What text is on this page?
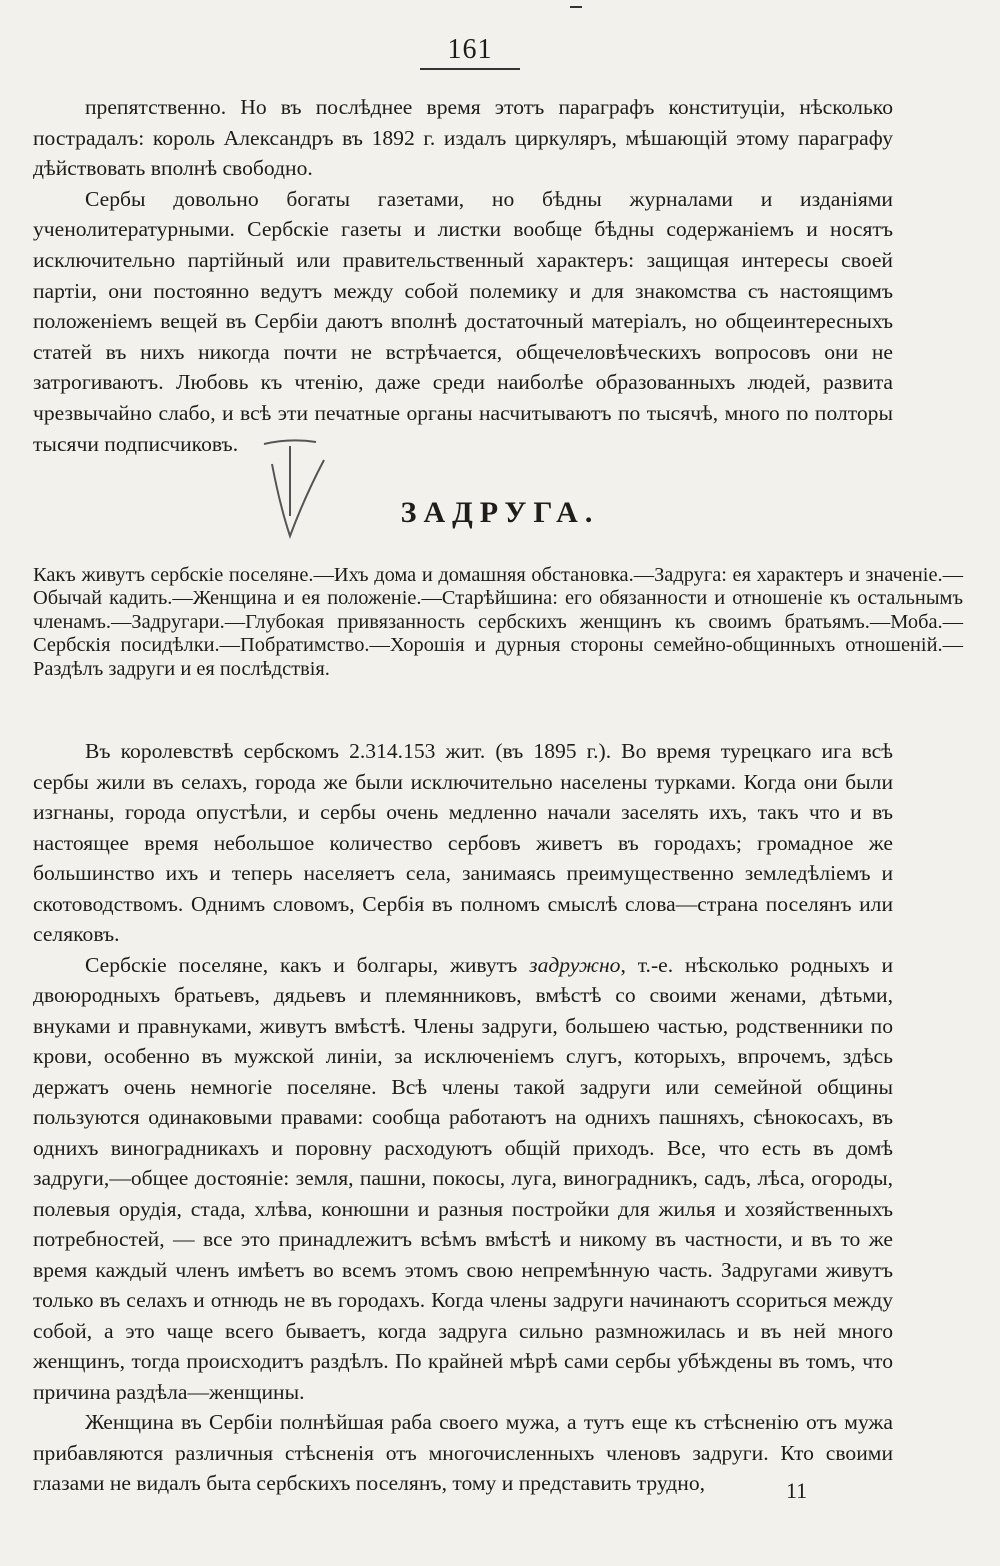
161

препятственно. Но въ послѣднее время этотъ параграфъ конституціи, нѣсколько пострадалъ: король Александръ въ 1892 г. издалъ циркуляръ, мѣшающій этому параграфу дѣйствовать вполнѣ свободно.

Сербы довольно богаты газетами, но бѣдны журналами и изданіями ученолитературными. Сербскіе газеты и листки вообще бѣдны содержаніемъ и носятъ исключительно партійный или правительственный характеръ: защищая интересы своей партіи, они постоянно ведутъ между собой полемику и для знакомства съ настоящимъ положеніемъ вещей въ Сербіи даютъ вполнѣ достаточный матеріалъ, но общеинтересныхъ статей въ нихъ никогда почти не встрѣчается, общечеловѣческихъ вопросовъ они не затрогиваютъ. Любовь къ чтенію, даже среди наиболѣе образованныхъ людей, развита чрезвычайно слабо, и всѣ эти печатные органы насчитываютъ по тысячѣ, много по полторы тысячи подписчиковъ.

ЗАДРУГА.

Какъ живутъ сербскіе поселяне.—Ихъ дома и домашняя обстановка.—Задруга: ея характеръ и значеніе.—Обычай кадить.—Женщина и ея положеніе.—Старѣйшина: его обязанности и отношеніе къ остальнымъ членамъ.—Задругари.—Глубокая привязанность сербскихъ женщинъ къ своимъ братьямъ.—Моба.—Сербскія посидѣлки.—Побратимство.—Хорошія и дурныя стороны семейно-общинныхъ отношеній.—Раздѣлъ задруги и ея послѣдствія.

Въ королевствѣ сербскомъ 2.314.153 жит. (въ 1895 г.). Во время турецкаго ига всѣ сербы жили въ селахъ, города же были исключительно населены турками. Когда они были изгнаны, города опустѣли, и сербы очень медленно начали заселять ихъ, такъ что и въ настоящее время небольшое количество сербовъ живетъ въ городахъ; громадное же большинство ихъ и теперь населяетъ села, занимаясь преимущественно земледѣліемъ и скотоводствомъ. Однимъ словомъ, Сербія въ полномъ смыслѣ слова—страна поселянъ или селяковъ.

Сербскіе поселяне, какъ и болгары, живутъ задружно, т.-е. нѣсколько родныхъ и двоюродныхъ братьевъ, дядьевъ и племянниковъ, вмѣстѣ со своими женами, дѣтьми, внуками и правнуками, живутъ вмѣстѣ. Члены задруги, большею частью, родственники по крови, особенно въ мужской линіи, за исключеніемъ слугъ, которыхъ, впрочемъ, здѣсь держатъ очень немногіе поселяне. Всѣ члены такой задруги или семейной общины пользуются одинаковыми правами: сообща работаютъ на однихъ пашняхъ, сѣнокосахъ, въ однихъ виноградникахъ и поровну расходуютъ общій приходъ. Все, что есть въ домѣ задруги,—общее достояніе: земля, пашни, покосы, луга, виноградникъ, садъ, лѣса, огороды, полевыя орудія, стада, хлѣва, конюшни и разныя постройки для жилья и хозяйственныхъ потребностей, — все это принадлежитъ всѣмъ вмѣстѣ и никому въ частности, и въ то же время каждый членъ имѣетъ во всемъ этомъ свою непремѣнную часть. Задругами живутъ только въ селахъ и отнюдь не въ городахъ. Когда члены задруги начинаютъ ссориться между собой, а это чаще всего бываетъ, когда задруга сильно размножилась и въ ней много женщинъ, тогда происходитъ раздѣлъ. По крайней мѣрѣ сами сербы убѣждены въ томъ, что причина раздѣла—женщины.

Женщина въ Сербіи полнѣйшая раба своего мужа, а тутъ еще къ стѣсненію отъ мужа прибавляются различныя стѣсненія отъ многочисленныхъ членовъ задруги. Кто своими глазами не видалъ быта сербскихъ поселянъ, тому и представить трудно,	11
